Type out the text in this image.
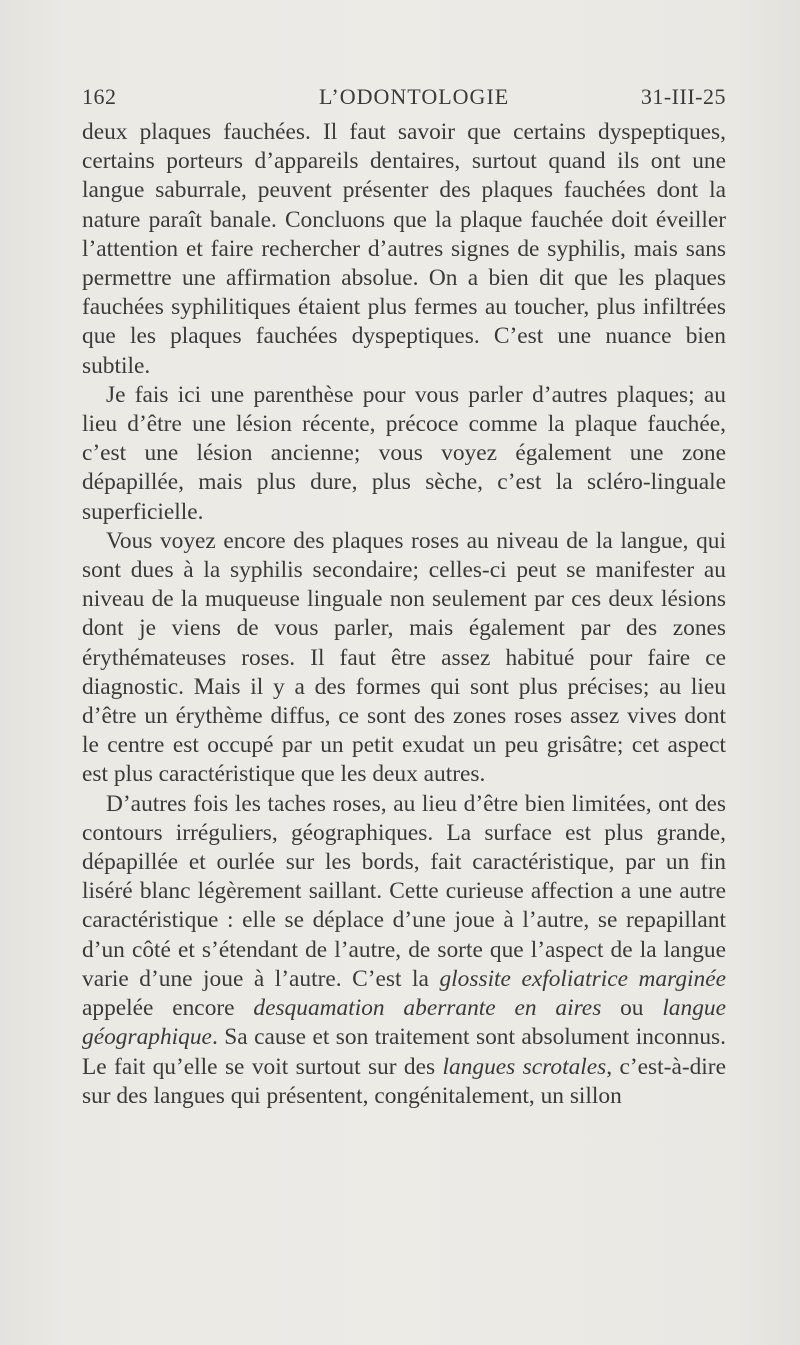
162	L’ODONTOLOGIE	31-III-25

deux plaques fauchées. Il faut savoir que certains dyspeptiques, certains porteurs d’appareils dentaires, surtout quand ils ont une langue saburrale, peuvent présenter des plaques fauchées dont la nature paraît banale. Concluons que la plaque fauchée doit éveiller l’attention et faire rechercher d’autres signes de syphilis, mais sans permettre une affirmation absolue. On a bien dit que les plaques fauchées syphilitiques étaient plus fermes au toucher, plus infiltrées que les plaques fauchées dyspeptiques. C’est une nuance bien subtile.

Je fais ici une parenthèse pour vous parler d’autres plaques; au lieu d’être une lésion récente, précoce comme la plaque fauchée, c’est une lésion ancienne; vous voyez également une zone dépapillée, mais plus dure, plus sèche, c’est la scléro-linguale superficielle.

Vous voyez encore des plaques roses au niveau de la langue, qui sont dues à la syphilis secondaire; celles-ci peut se manifester au niveau de la muqueuse linguale non seulement par ces deux lésions dont je viens de vous parler, mais également par des zones érythémateuses roses. Il faut être assez habitué pour faire ce diagnostic. Mais il y a des formes qui sont plus précises; au lieu d’être un érythème diffus, ce sont des zones roses assez vives dont le centre est occupé par un petit exudat un peu grisâtre; cet aspect est plus caractéristique que les deux autres.

D’autres fois les taches roses, au lieu d’être bien limitées, ont des contours irréguliers, géographiques. La surface est plus grande, dépapillée et ourlée sur les bords, fait caractéristique, par un fin liséré blanc légèrement saillant. Cette curieuse affection a une autre caractéristique : elle se déplace d’une joue à l’autre, se repapillant d’un côté et s’étendant de l’autre, de sorte que l’aspect de la langue varie d’une joue à l’autre. C’est la glossite exfoliatrice marginée appelée encore desquamation aberrante en aires ou langue géographique. Sa cause et son traitement sont absolument inconnus. Le fait qu’elle se voit surtout sur des langues scrotales, c’est-à-dire sur des langues qui présentent, congénitalement, un sillon
